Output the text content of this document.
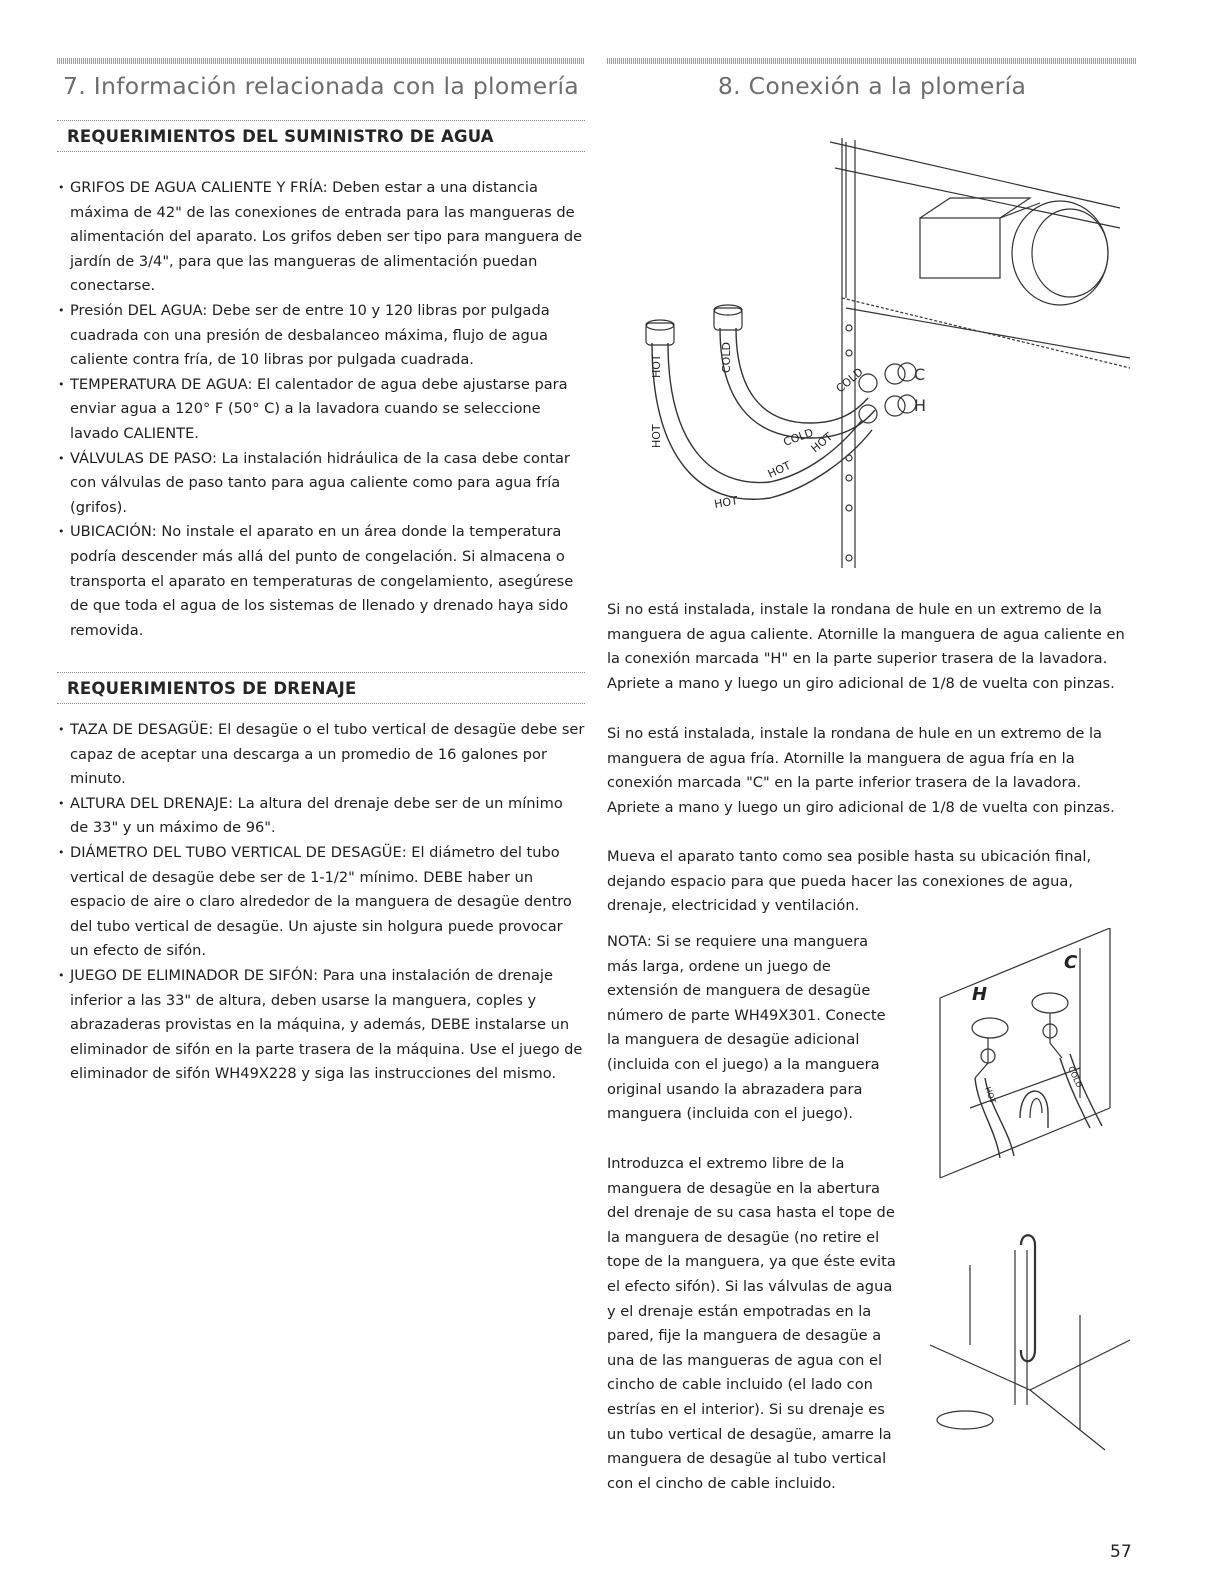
7. Información relacionada con la plomería
REQUERIMIENTOS DEL SUMINISTRO DE AGUA
• GRIFOS DE AGUA CALIENTE Y FRÍA: Deben estar a una distancia máxima de 42" de las conexiones de entrada para las mangueras de alimentación del aparato. Los grifos deben ser tipo para manguera de jardín de 3/4", para que las mangueras de alimentación puedan conectarse.
• Presión DEL AGUA: Debe ser de entre 10 y 120 libras por pulgada cuadrada con una presión de desbalanceo máxima, flujo de agua caliente contra fría, de 10 libras por pulgada cuadrada.
• TEMPERATURA DE AGUA: El calentador de agua debe ajustarse para enviar agua a 120° F (50° C) a la lavadora cuando se seleccione lavado CALIENTE.
• VÁLVULAS DE PASO: La instalación hidráulica de la casa debe contar con válvulas de paso tanto para agua caliente como para agua fría (grifos).
• UBICACIÓN: No instale el aparato en un área donde la temperatura podría descender más allá del punto de congelación. Si almacena o transporta el aparato en temperaturas de congelamiento, asegúrese de que toda el agua de los sistemas de llenado y drenado haya sido removida.
REQUERIMIENTOS DE DRENAJE
• TAZA DE DESAGÜE: El desagüe o el tubo vertical de desagüe debe ser capaz de aceptar una descarga a un promedio de 16 galones por minuto.
• ALTURA DEL DRENAJE: La altura del drenaje debe ser de un mínimo de 33" y un máximo de 96".
• DIÁMETRO DEL TUBO VERTICAL DE DESAGÜE: El diámetro del tubo vertical de desagüe debe ser de 1-1/2" mínimo. DEBE haber un espacio de aire o claro alrededor de la manguera de desagüe dentro del tubo vertical de desagüe. Un ajuste sin holgura puede provocar un efecto de sifón.
• JUEGO DE ELIMINADOR DE SIFÓN: Para una instalación de drenaje inferior a las 33" de altura, deben usarse la manguera, coples y abrazaderas provistas en la máquina, y además, DEBE instalarse un eliminador de sifón en la parte trasera de la máquina. Use el juego de eliminador de sifón WH49X228 y siga las instrucciones del mismo.
8. Conexión a la plomería
HOT
HOT
COLD
COLD
COLD
HOT
HOT
HOT
C
H

Si no está instalada, instale la rondana de hule en un extremo de la manguera de agua caliente. Atornille la manguera de agua caliente en la conexión marcada "H" en la parte superior trasera de la lavadora. Apriete a mano y luego un giro adicional de 1/8 de vuelta con pinzas.

Si no está instalada, instale la rondana de hule en un extremo de la manguera de agua fría. Atornille la manguera de agua fría en la conexión marcada "C" en la parte inferior trasera de la lavadora. Apriete a mano y luego un giro adicional de 1/8 de vuelta con pinzas.

Mueva el aparato tanto como sea posible hasta su ubicación final, dejando espacio para que pueda hacer las conexiones de agua, drenaje, electricidad y ventilación.

NOTA: Si se requiere una manguera más larga, ordene un juego de extensión de manguera de desagüe número de parte WH49X301. Conecte la manguera de desagüe adicional (incluida con el juego) a la manguera original usando la abrazadera para manguera (incluida con el juego).

Introduzca el extremo libre de la manguera de desagüe en la abertura del drenaje de su casa hasta el tope de la manguera de desagüe (no retire el tope de la manguera, ya que éste evita el efecto sifón). Si las válvulas de agua y el drenaje están empotradas en la pared, fije la manguera de desagüe a una de las mangueras de agua con el cincho de cable incluido (el lado con estrías en el interior). Si su drenaje es un tubo vertical de desagüe, amarre la manguera de desagüe al tubo vertical con el cincho de cable incluido.

H
C
HOT
COLD
57
